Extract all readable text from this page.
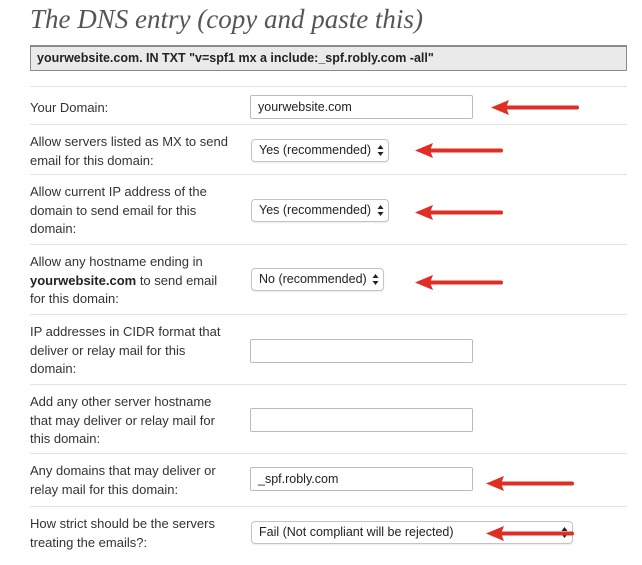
The DNS entry (copy and paste this)
yourwebsite.com. IN TXT "v=spf1 mx a include:_spf.robly.com -all"
Your Domain:	yourwebsite.com
Allow servers listed as MX to send email for this domain:
Yes (recommended)
Allow current IP address of the domain to send email for this domain:
Yes (recommended)
Allow any hostname ending in yourwebsite.com to send email for this domain:
No (recommended)
IP addresses in CIDR format that deliver or relay mail for this domain:
Add any other server hostname that may deliver or relay mail for this domain:
Any domains that may deliver or relay mail for this domain:
_spf.robly.com
How strict should be the servers treating the emails?:
Fail (Not compliant will be rejected)
